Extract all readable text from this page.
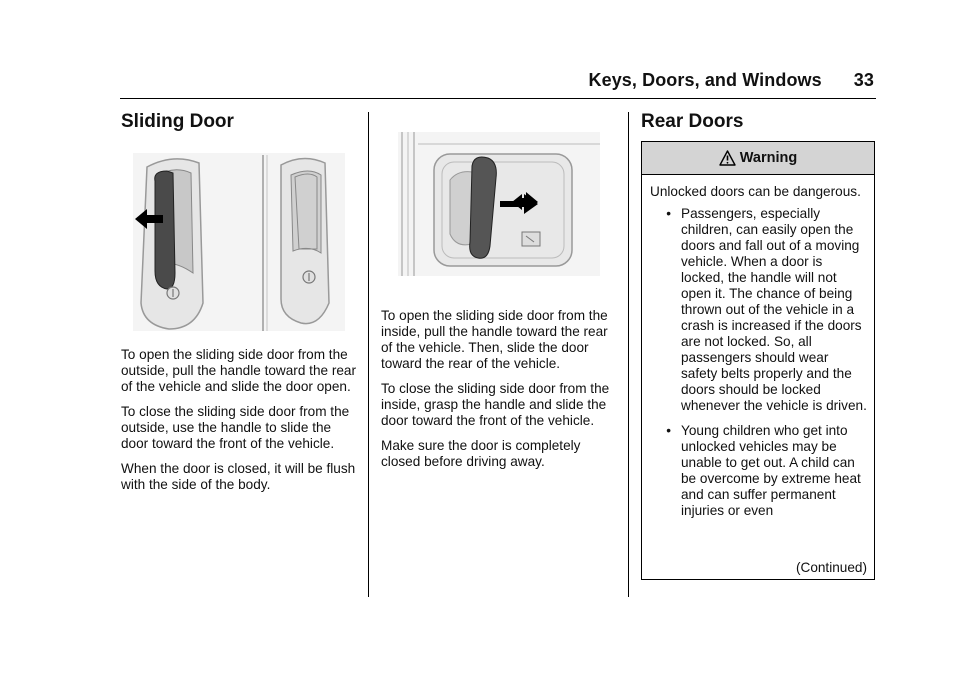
Keys, Doors, and Windows 33
Sliding Door

To open the sliding side door from the outside, pull the handle toward the rear of the vehicle and slide the door open.

To close the sliding side door from the outside, use the handle to slide the door toward the front of the vehicle.

When the door is closed, it will be flush with the side of the body.

To open the sliding side door from the inside, pull the handle toward the rear of the vehicle. Then, slide the door toward the rear of the vehicle.

To close the sliding side door from the inside, grasp the handle and slide the door toward the front of the vehicle.

Make sure the door is completely closed before driving away.

Rear Doors
Warning

Unlocked doors can be dangerous.

• Passengers, especially children, can easily open the doors and fall out of a moving vehicle. When a door is locked, the handle will not open it. The chance of being thrown out of the vehicle in a crash is increased if the doors are not locked. So, all passengers should wear safety belts properly and the doors should be locked whenever the vehicle is driven.
• Young children who get into unlocked vehicles may be unable to get out. A child can be overcome by extreme heat and can suffer permanent injuries or even
(Continued)
